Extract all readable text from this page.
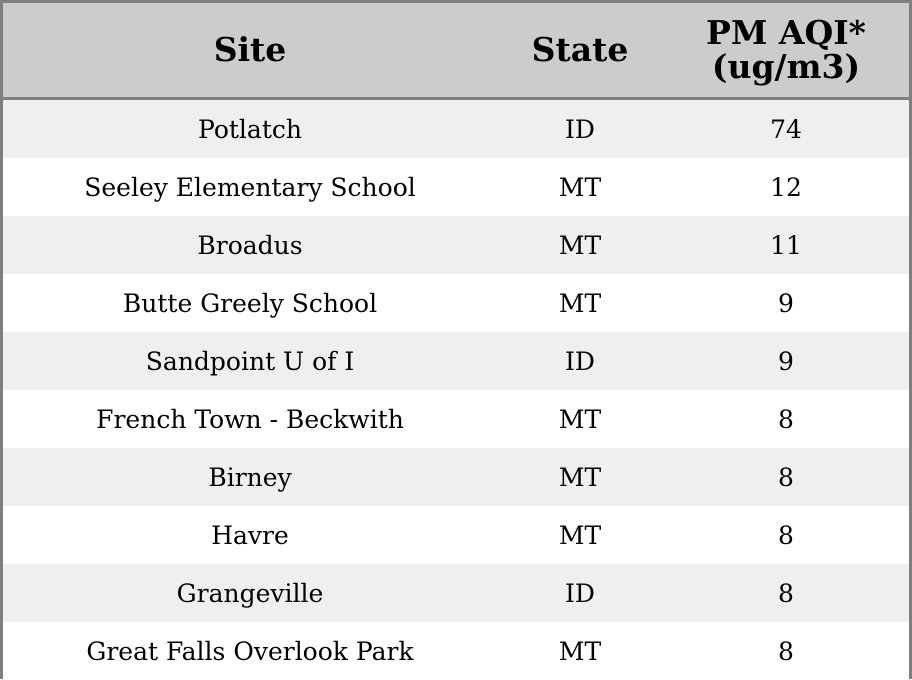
Site	State	PM AQI*
(ug/m3)
Potlatch	ID	74
Seeley Elementary School	MT	12
Broadus	MT	11
Butte Greely School	MT	9
Sandpoint U of I	ID	9
French Town - Beckwith	MT	8
Birney	MT	8
Havre	MT	8
Grangeville	ID	8
Great Falls Overlook Park	MT	8
